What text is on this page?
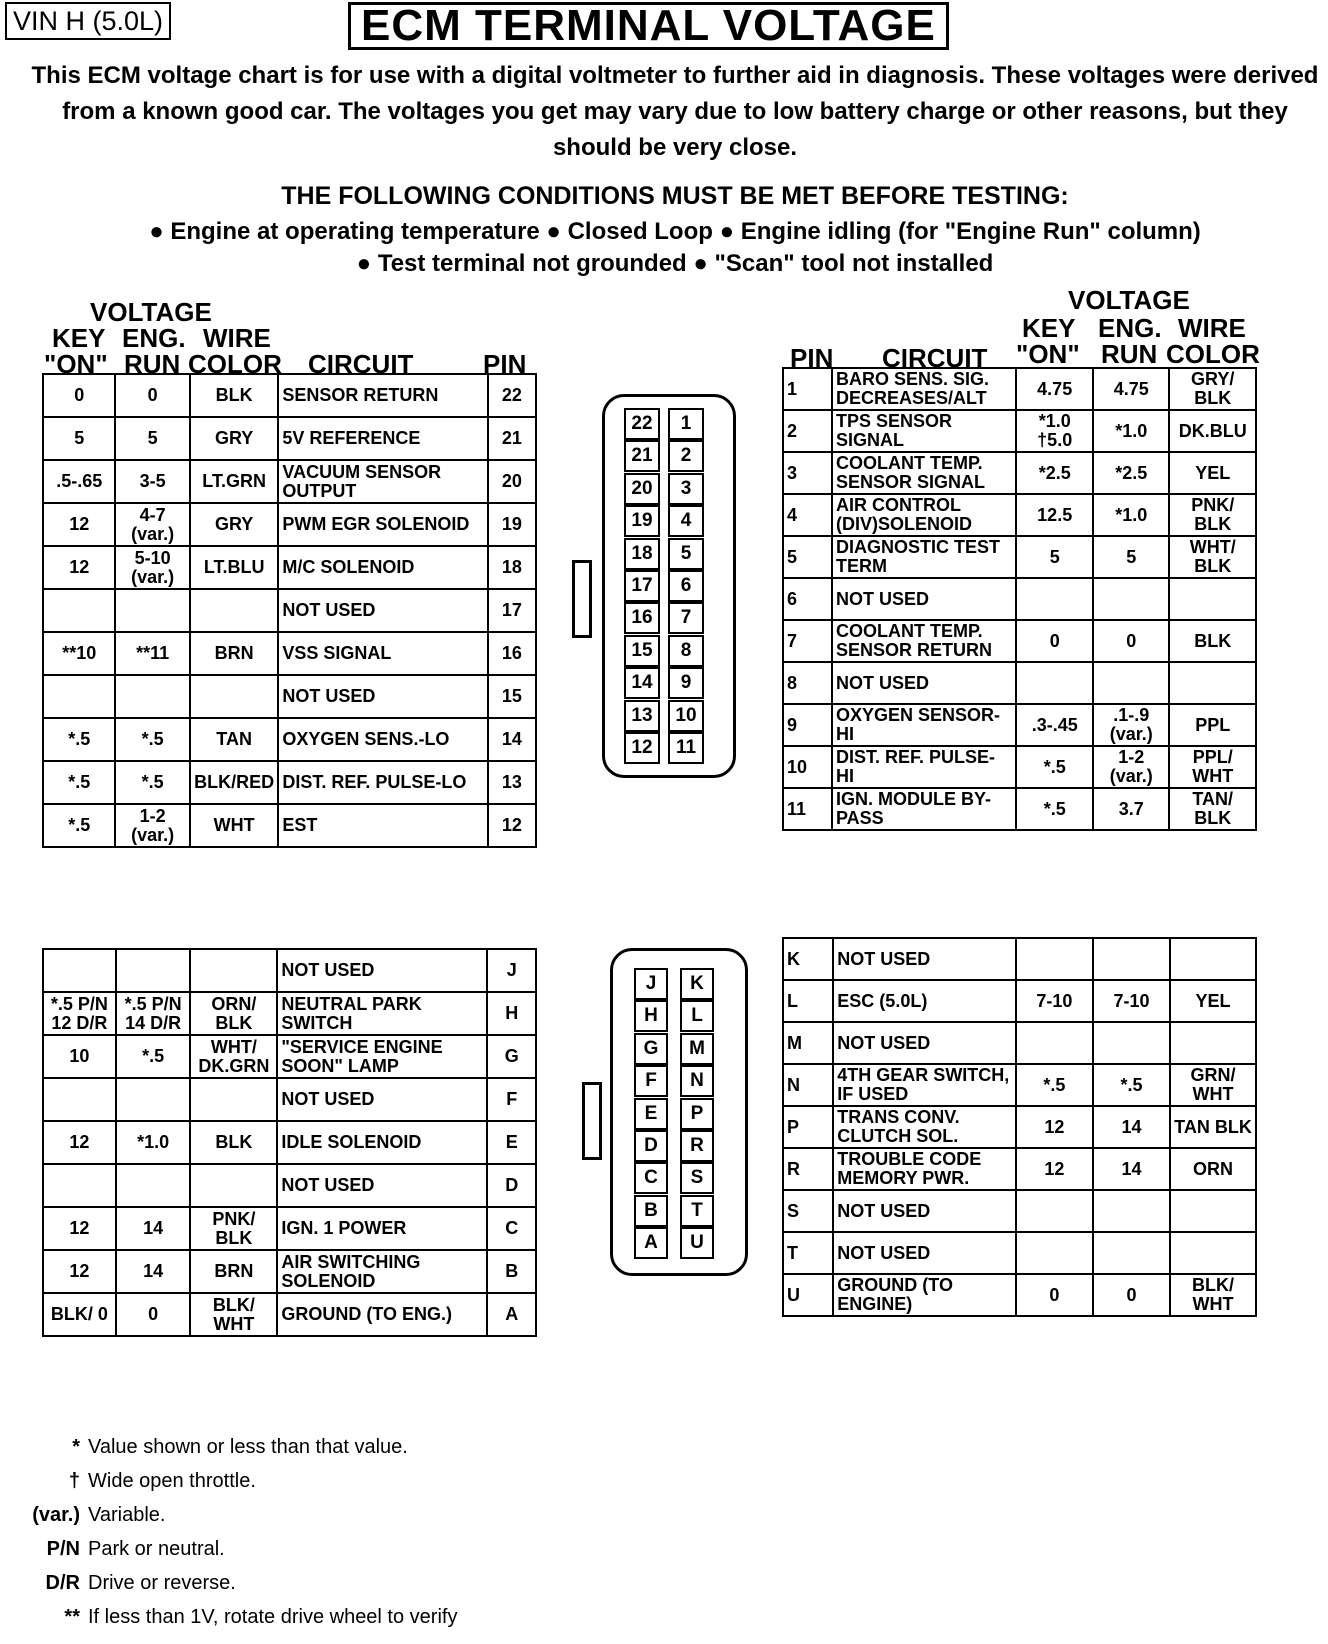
VIN H (5.0L)	ECM TERMINAL VOLTAGE
This ECM voltage chart is for use with a digital voltmeter to further aid in diagnosis. These voltages were derived from a known good car. The voltages you get may vary due to low battery charge or other reasons, but they should be very close.
THE FOLLOWING CONDITIONS MUST BE MET BEFORE TESTING:
● Engine at operating temperature ● Closed Loop ● Engine idling (for "Engine Run" column)
● Test terminal not grounded ● "Scan" tool not installed
VOLTAGE
KEY
"ON"
ENG.
RUN
WIRE
COLOR CIRCUIT	PIN
VOLTAGE
KEY
"ON"
ENG.
RUN
WIRE
COLOR
CIRCUIT
PIN
0	0	BLK	SENSOR RETURN	22
5	5	GRY	5V REFERENCE	21
.5-.65	3-5	LT.GRN	VACUUM SENSOR OUTPUT	20
12	4-7 (var.)	GRY	PWM EGR SOLENOID	19
12	5-10 (var.)	LT.BLU	M/C SOLENOID	18
			NOT USED	17
**10	**11	BRN	VSS SIGNAL	16
			NOT USED	15
*.5	*.5	TAN	OXYGEN SENS.-LO	14
*.5	*.5	BLK/RED	DIST. REF. PULSE-LO	13
*.5	1-2 (var.)	WHT	EST	12
1	BARO SENS. SIG. DECREASES/ALT	4.75	4.75	GRY/ BLK
2	TPS SENSOR SIGNAL	*1.0 †5.0	*1.0	DK.BLU
3	COOLANT TEMP. SENSOR SIGNAL	*2.5	*2.5	YEL
4	AIR CONTROL (DIV)SOLENOID	12.5	*1.0	PNK/ BLK
5	DIAGNOSTIC TEST TERM	5	5	WHT/ BLK
6	NOT USED			
7	COOLANT TEMP. SENSOR RETURN	0	0	BLK
8	NOT USED			
9	OXYGEN SENSOR-HI	.3-.45	.1-.9 (var.)	PPL
10	DIST. REF. PULSE-HI	*.5	1-2 (var.)	PPL/ WHT
11	IGN. MODULE BY-PASS	*.5	3.7	TAN/ BLK
			NOT USED	J
*.5 P/N 12 D/R	*.5 P/N 14 D/R	ORN/ BLK	NEUTRAL PARK SWITCH	H
10	*.5	WHT/ DK.GRN	"SERVICE ENGINE SOON" LAMP	G
			NOT USED	F
12	*1.0	BLK	IDLE SOLENOID	E
			NOT USED	D
12	14	PNK/ BLK	IGN. 1 POWER	C
12	14	BRN	AIR SWITCHING SOLENOID	B
BLK/ 0	0	BLK/ WHT	GROUND (TO ENG.)	A
K	NOT USED			
L	ESC (5.0L)	7-10	7-10	YEL
M	NOT USED			
N	4TH GEAR SWITCH, IF USED	*.5	*.5	GRN/ WHT
P	TRANS CONV. CLUTCH SOL.	12	14	TAN BLK
R	TROUBLE CODE MEMORY PWR.	12	14	ORN
S	NOT USED			
T	NOT USED			
U	GROUND (TO ENGINE)	0	0	BLK/ WHT
22
21
20
19
18
17
16
15
14
13
12
1
2
3
4
5
6
7
8
9
10
11
J
H
G
F
E
D
C
B
A
K
L
M
N
P
R
S
T
U
* Value shown or less than that value.
† Wide open throttle.
(var.) Variable.
P/N Park or neutral.
D/R Drive or reverse.
** If less than 1V, rotate drive wheel to verify
